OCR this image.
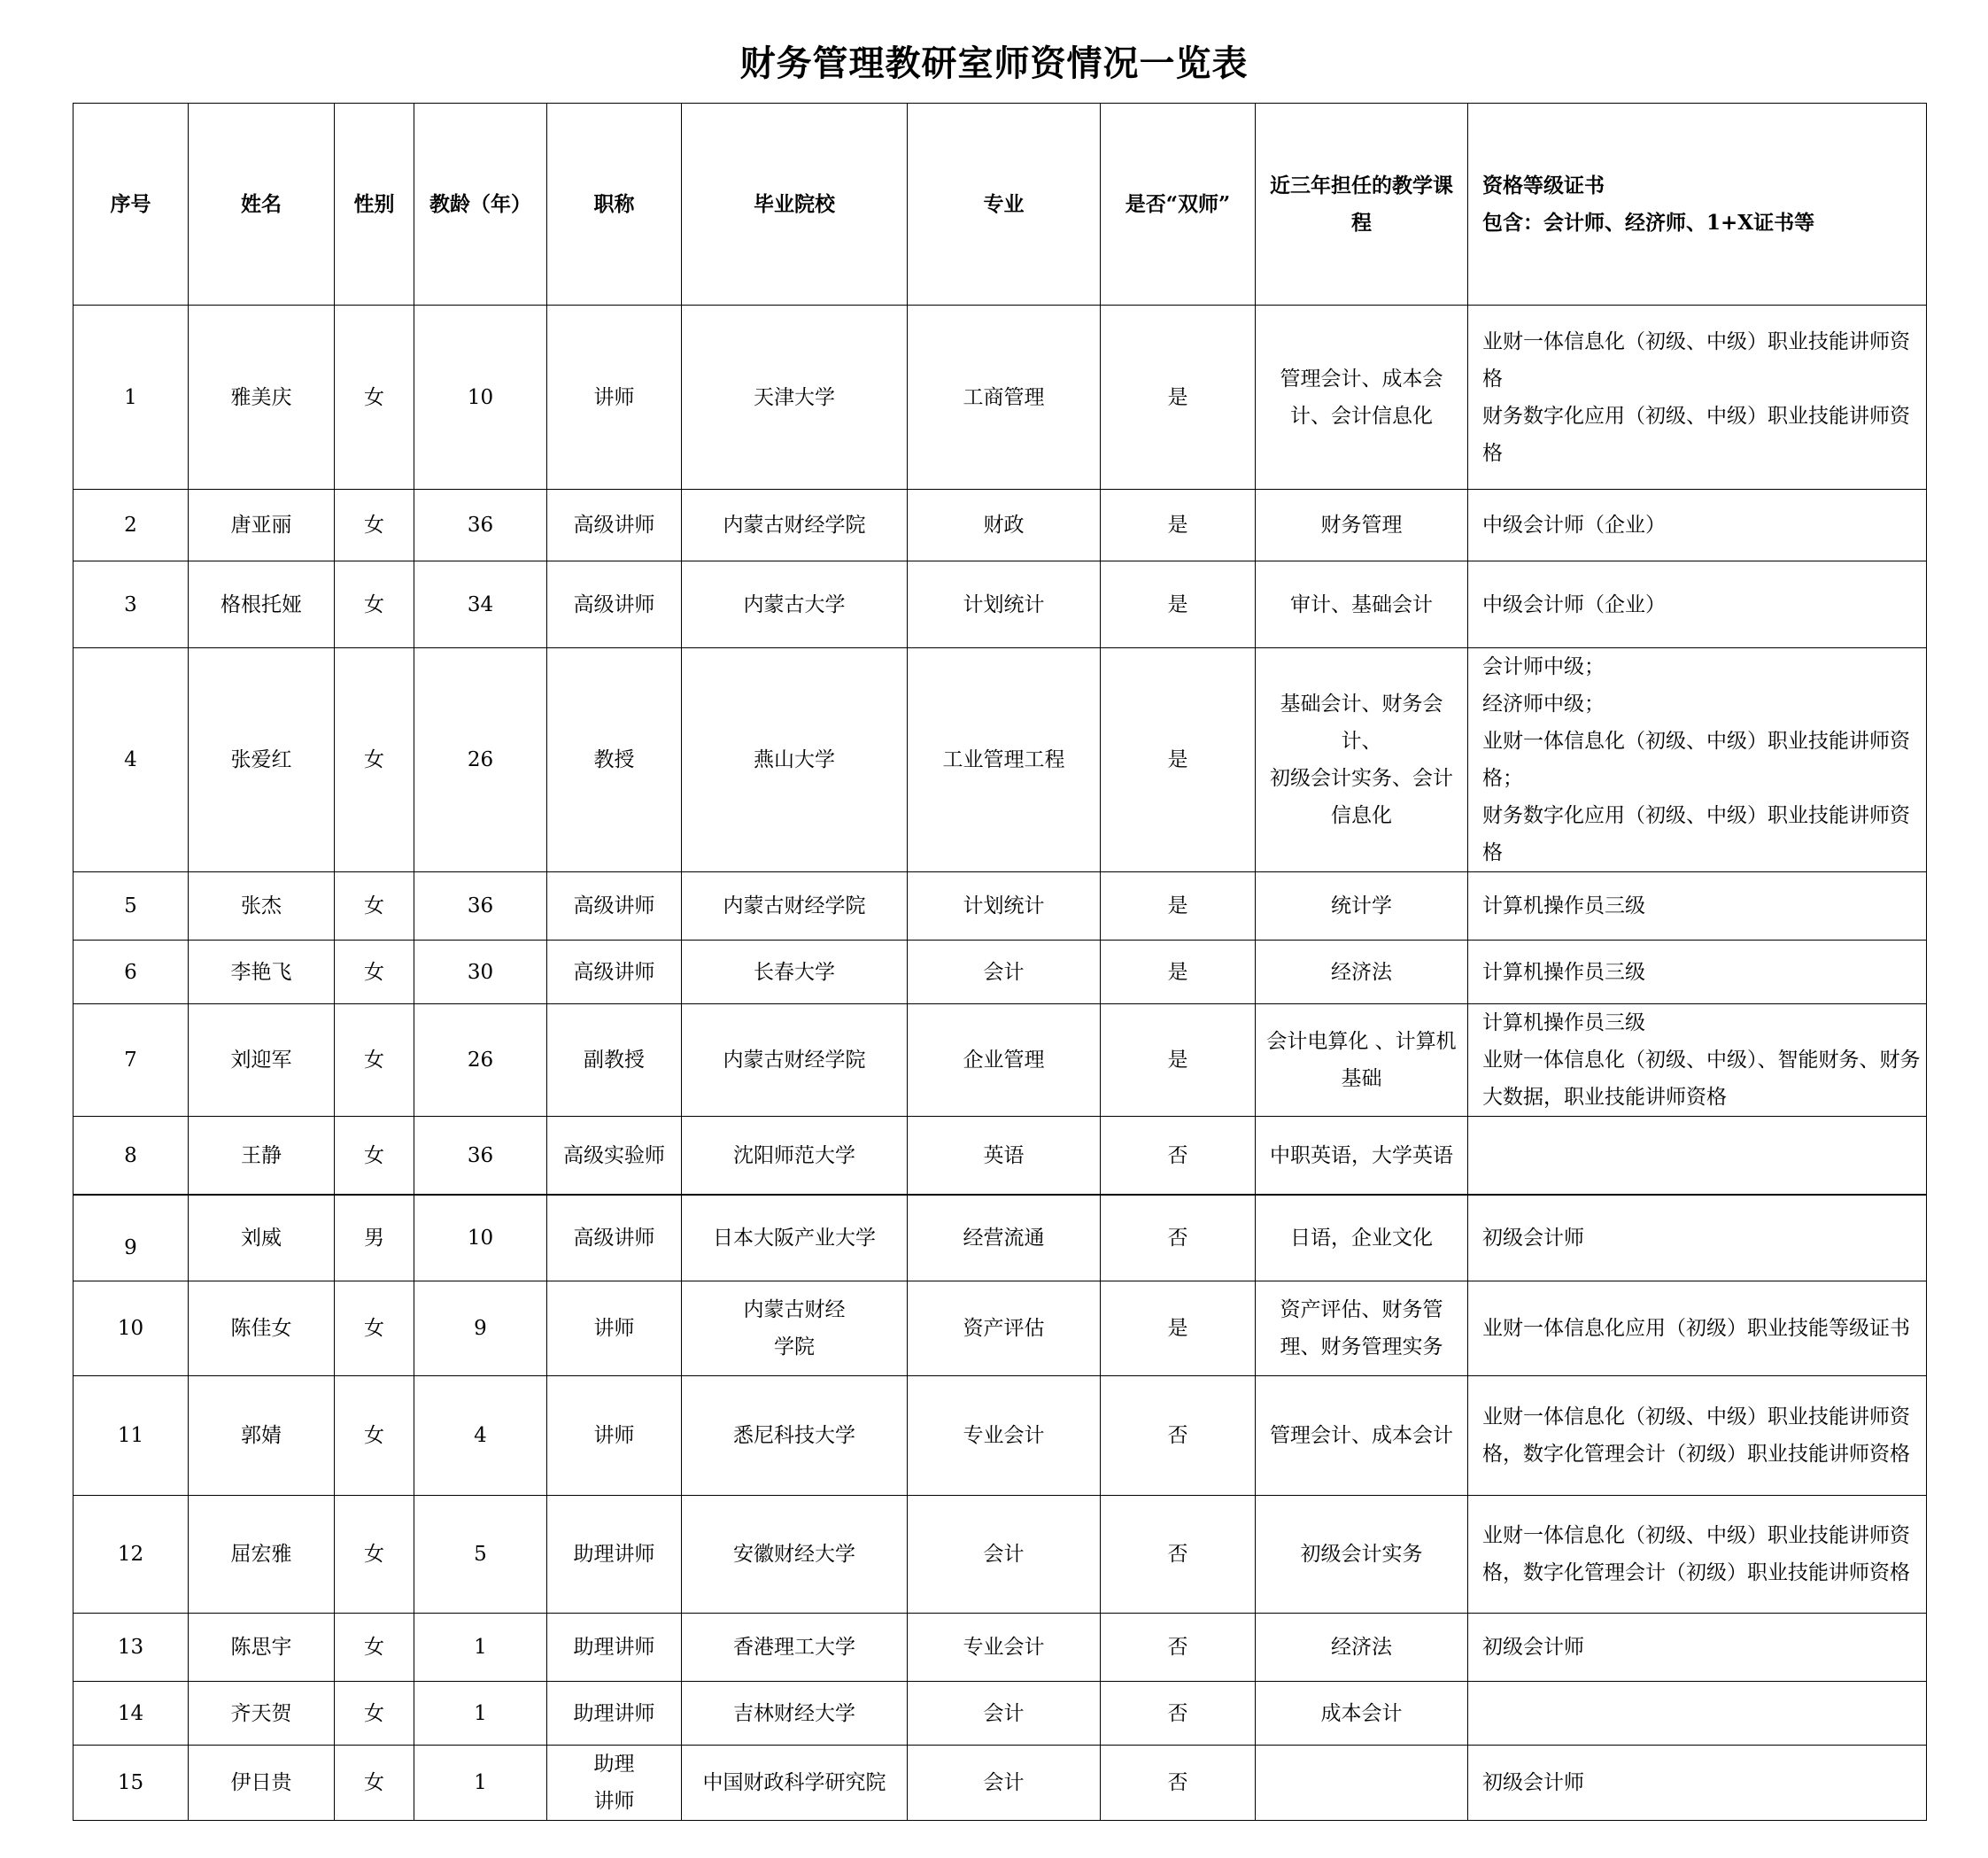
财务管理教研室师资情况一览表
序号	姓名	性别	教龄（年）	职称	毕业院校	专业	是否“双师”	近三年担任的教学课程	资格等级证书
包含：会计师、经济师、1+X证书等

1	雅美庆	女	10	讲师	天津大学	工商管理	是	管理会计、成本会计、会计信息化	业财一体信息化（初级、中级）职业技能讲师资格
财务数字化应用（初级、中级）职业技能讲师资格
2	唐亚丽	女	36	高级讲师	内蒙古财经学院	财政	是	财务管理	中级会计师（企业）
3	格根托娅	女	34	高级讲师	内蒙古大学	计划统计	是	审计、基础会计	中级会计师（企业）
4	张爱红	女	26	教授	燕山大学	工业管理工程	是	基础会计、财务会计、
初级会计实务、会计信息化	会计师中级；
经济师中级；
业财一体信息化（初级、中级）职业技能讲师资格；
财务数字化应用（初级、中级）职业技能讲师资格
5	张杰	女	36	高级讲师	内蒙古财经学院	计划统计	是	统计学	计算机操作员三级
6	李艳飞	女	30	高级讲师	长春大学	会计	是	经济法	计算机操作员三级
7	刘迎军	女	26	副教授	内蒙古财经学院	企业管理	是	会计电算化 、计算机基础	计算机操作员三级
业财一体信息化（初级、中级）、智能财务、财务大数据，职业技能讲师资格
8	王静	女	36	高级实验师	沈阳师范大学	英语	否	中职英语，大学英语	
9	刘威	男	10	高级讲师	日本大阪产业大学	经营流通	否	日语，企业文化	初级会计师
10	陈佳女	女	9	讲师	内蒙古财经
学院	资产评估	是	资产评估、财务管理、财务管理实务	业财一体信息化应用（初级）职业技能等级证书
11	郭婧	女	4	讲师	悉尼科技大学	专业会计	否	管理会计、成本会计	业财一体信息化（初级、中级）职业技能讲师资格，数字化管理会计（初级）职业技能讲师资格
12	屈宏雅	女	5	助理讲师	安徽财经大学	会计	否	初级会计实务	业财一体信息化（初级、中级）职业技能讲师资格，数字化管理会计（初级）职业技能讲师资格
13	陈思宇	女	1	助理讲师	香港理工大学	专业会计	否	经济法	初级会计师
14	齐天贺	女	1	助理讲师	吉林财经大学	会计	否	成本会计	
15	伊日贵	女	1	助理
讲师	中国财政科学研究院	会计	否		初级会计师
